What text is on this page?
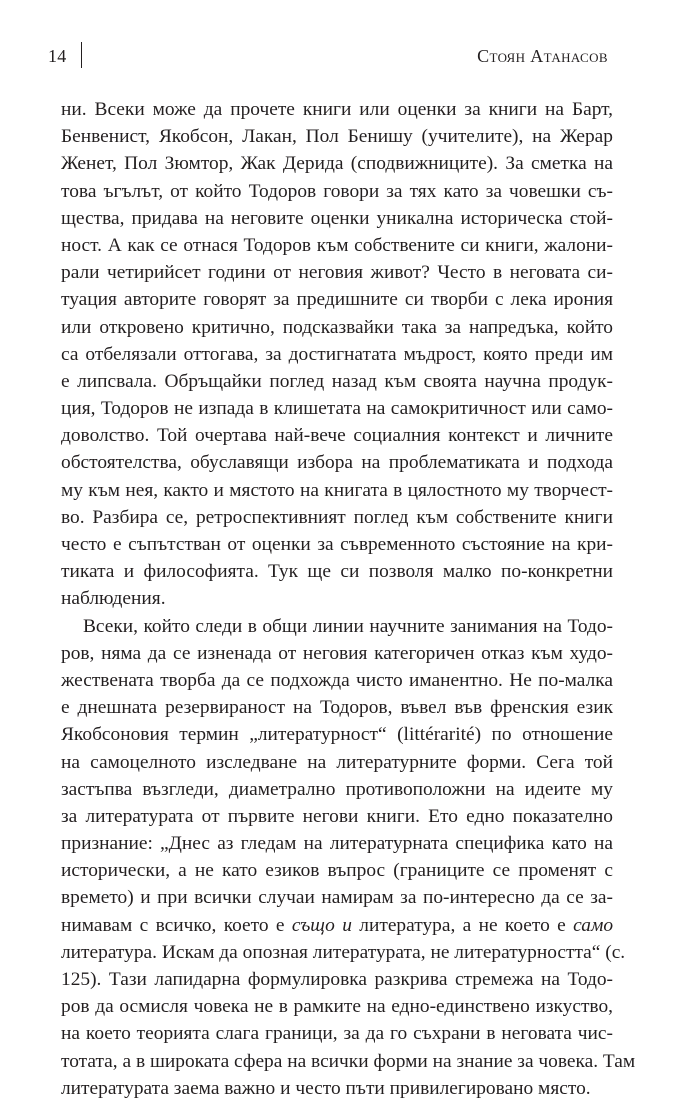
14	Стоян Атанасов
ни. Всеки може да прочете книги или оценки за книги на Барт,
Бенвенист, Якобсон, Лакан, Пол Бенишу (учителите), на Жерар
Женет, Пол Зюмтор, Жак Дерида (сподвижниците). За сметка на
това ъгълът, от който Тодоров говори за тях като за човешки съ-
щества, придава на неговите оценки уникална историческа стой-
ност. А как се отнася Тодоров към собствените си книги, жалони-
рали четирийсет години от неговия живот? Често в неговата си-
туация авторите говорят за предишните си творби с лека ирония
или откровено критично, подсказвайки така за напредъка, който
са отбелязали оттогава, за достигнатата мъдрост, която преди им
е липсвала. Обръщайки поглед назад към своята научна продук-
ция, Тодоров не изпада в клишетата на самокритичност или само-
доволство. Той очертава най-вече социалния контекст и личните
обстоятелства, обуславящи избора на проблематиката и подхода
му към нея, както и мястото на книгата в цялостното му творчест-
во. Разбира се, ретроспективният поглед към собствените книги
често е съпътстван от оценки за съвременното състояние на кри-
тиката и философията. Тук ще си позволя малко по-конкретни
наблюдения.
Всеки, който следи в общи линии научните занимания на Тодо-
ров, няма да се изненада от неговия категоричен отказ към худо-
жествената творба да се подхожда чисто иманентно. Не по-малка
е днешната резервираност на Тодоров, въвел във френския език
Якобсоновия термин „литературност“ (littérarité) по отношение
на самоцелното изследване на литературните форми. Сега той
застъпва възгледи, диаметрално противоположни на идеите му
за литературата от първите негови книги. Ето едно показателно
признание: „Днес аз гледам на литературната специфика като на
исторически, а не като езиков въпрос (границите се променят с
времето) и при всички случаи намирам за по-интересно да се за-
нимавам с всичко, което е също и литература, а не което е само
литература. Искам да опозная литературата, не литературността“ (с.
125). Тази лапидарна формулировка разкрива стремежа на Тодо-
ров да осмисля човека не в рамките на едно-единствено изкуство,
на което теорията слага граници, за да го съхрани в неговата чис-
тотата, а в широката сфера на всички форми на знание за човека. Там
литературата заема важно и често пъти привилегировано място.
